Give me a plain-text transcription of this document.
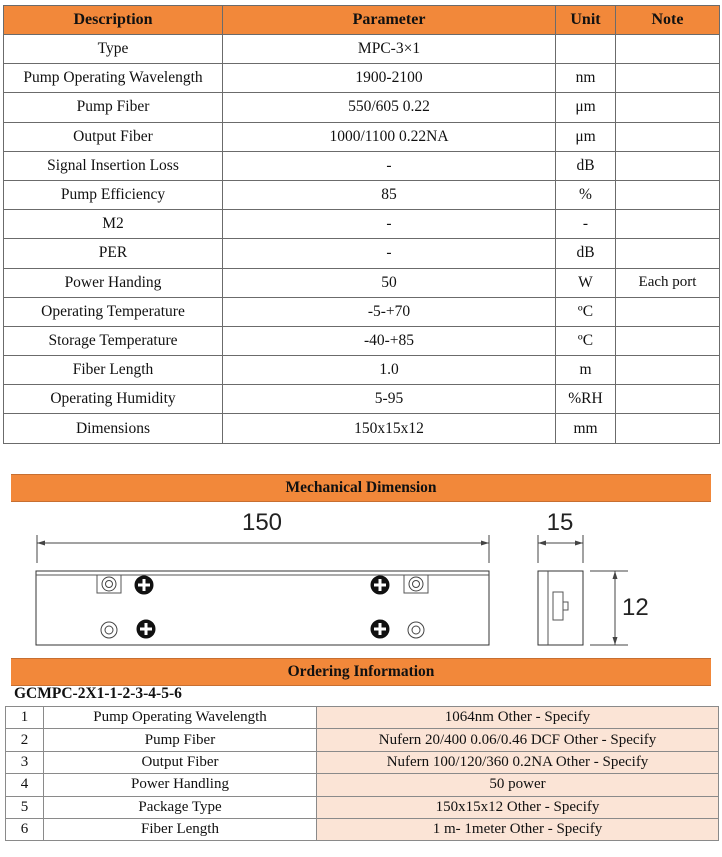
Description	Parameter	Unit	Note
Type	MPC-3×1		
Pump Operating Wavelength	1900-2100	nm	
Pump Fiber	550/605 0.22	μm	
Output Fiber	1000/1100 0.22NA	μm	
Signal Insertion Loss	-	dB	
Pump Efficiency	85	%	
M2	-	-	
PER	-	dB	
Power Handing	50	W	Each port
Operating Temperature	-5-+70	ºC	
Storage Temperature	-40-+85	ºC	
Fiber Length	1.0	m	
Operating Humidity	5-95	%RH	
Dimensions	150x15x12	mm	
Mechanical Dimension
150	15
12
Ordering Information
GCMPC-2X1-1-2-3-4-5-6
1	Pump Operating Wavelength	1064nm Other - Specify
2	Pump Fiber	Nufern 20/400 0.06/0.46 DCF Other - Specify
3	Output Fiber	Nufern 100/120/360 0.2NA Other - Specify
4	Power Handling	50 power
5	Package Type	150x15x12 Other - Specify
6	Fiber Length	1 m- 1meter Other - Specify
